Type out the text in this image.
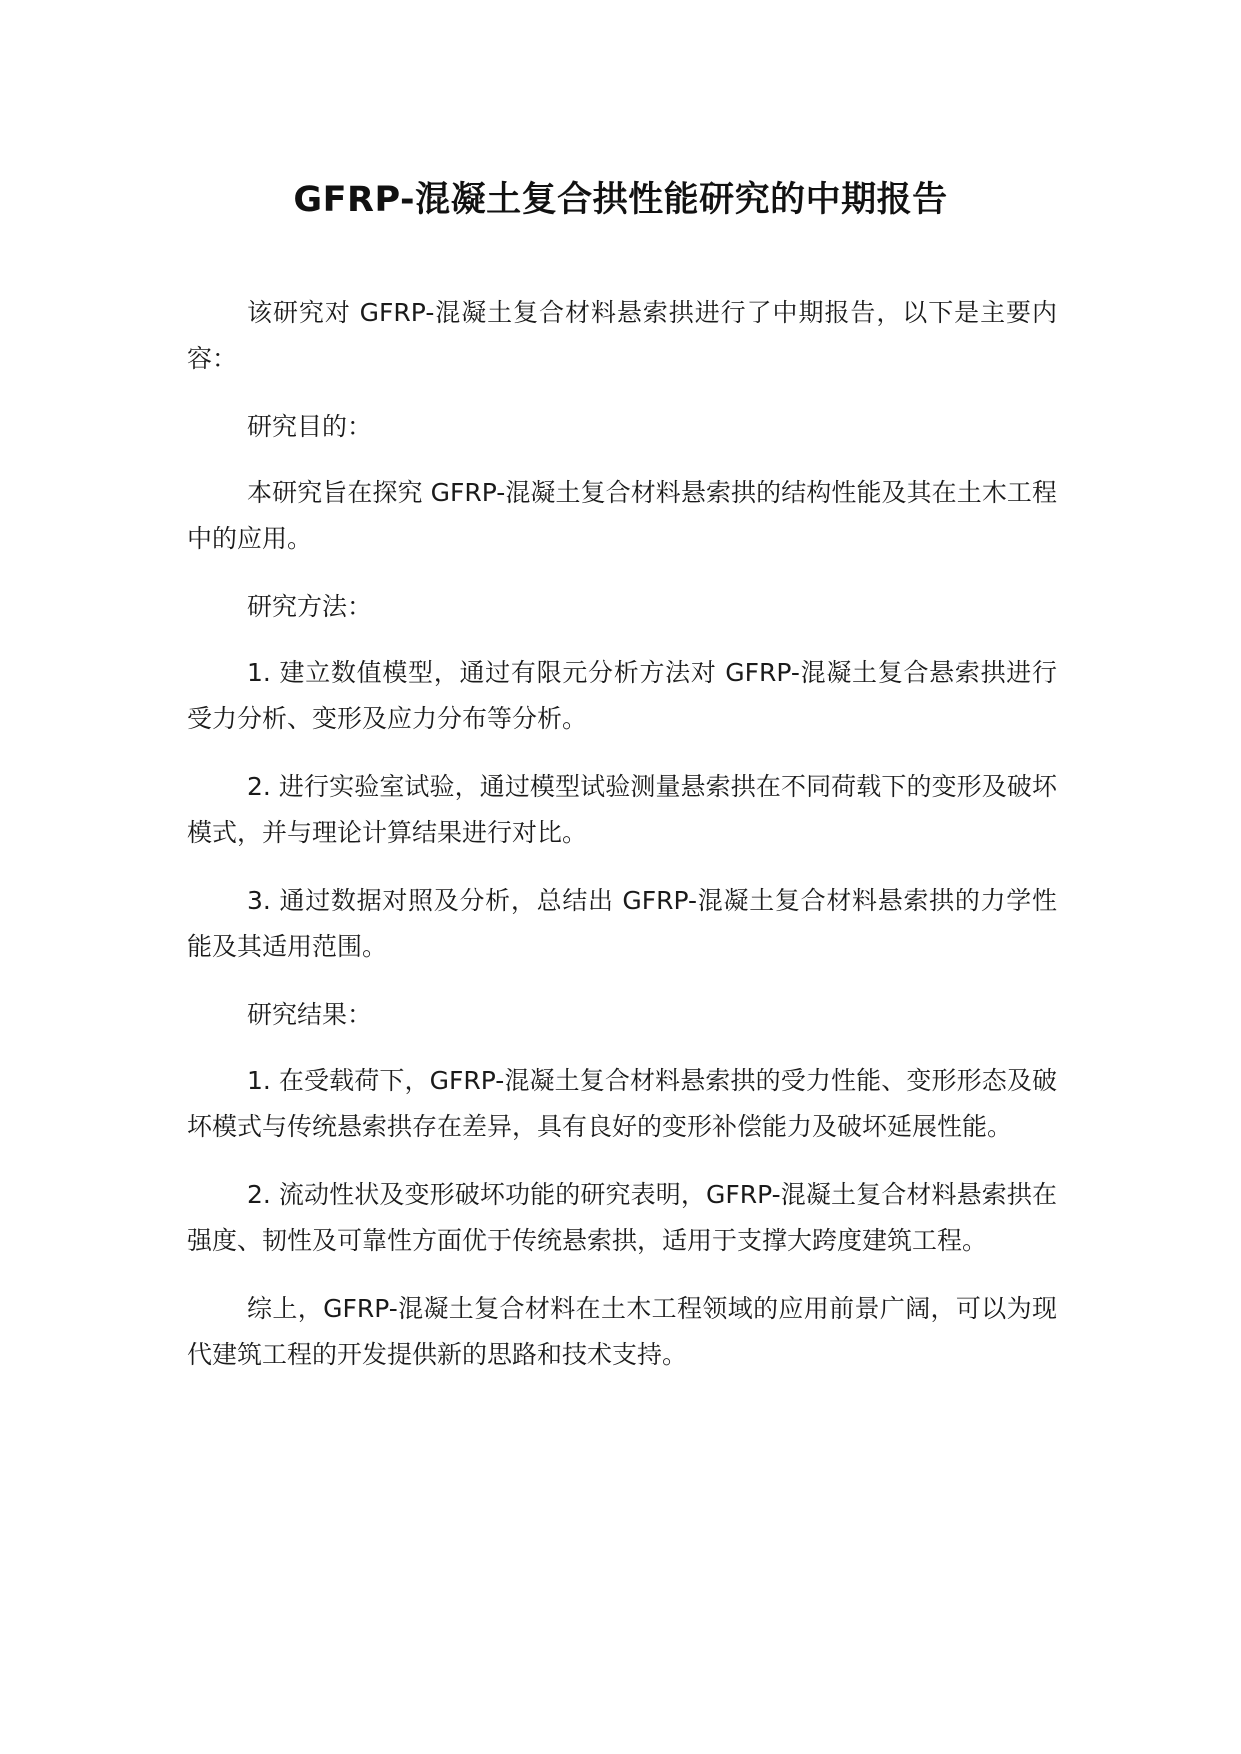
GFRP-混凝土复合拱性能研究的中期报告

该研究对 GFRP-混凝土复合材料悬索拱进行了中期报告，以下是主要内容：

研究目的：

本研究旨在探究 GFRP-混凝土复合材料悬索拱的结构性能及其在土木工程中的应用。

研究方法：

1. 建立数值模型，通过有限元分析方法对 GFRP-混凝土复合悬索拱进行受力分析、变形及应力分布等分析。

2. 进行实验室试验，通过模型试验测量悬索拱在不同荷载下的变形及破坏模式，并与理论计算结果进行对比。

3. 通过数据对照及分析，总结出 GFRP-混凝土复合材料悬索拱的力学性能及其适用范围。

研究结果：

1. 在受载荷下，GFRP-混凝土复合材料悬索拱的受力性能、变形形态及破坏模式与传统悬索拱存在差异，具有良好的变形补偿能力及破坏延展性能。

2. 流动性状及变形破坏功能的研究表明，GFRP-混凝土复合材料悬索拱在强度、韧性及可靠性方面优于传统悬索拱，适用于支撑大跨度建筑工程。

综上，GFRP-混凝土复合材料在土木工程领域的应用前景广阔，可以为现代建筑工程的开发提供新的思路和技术支持。
